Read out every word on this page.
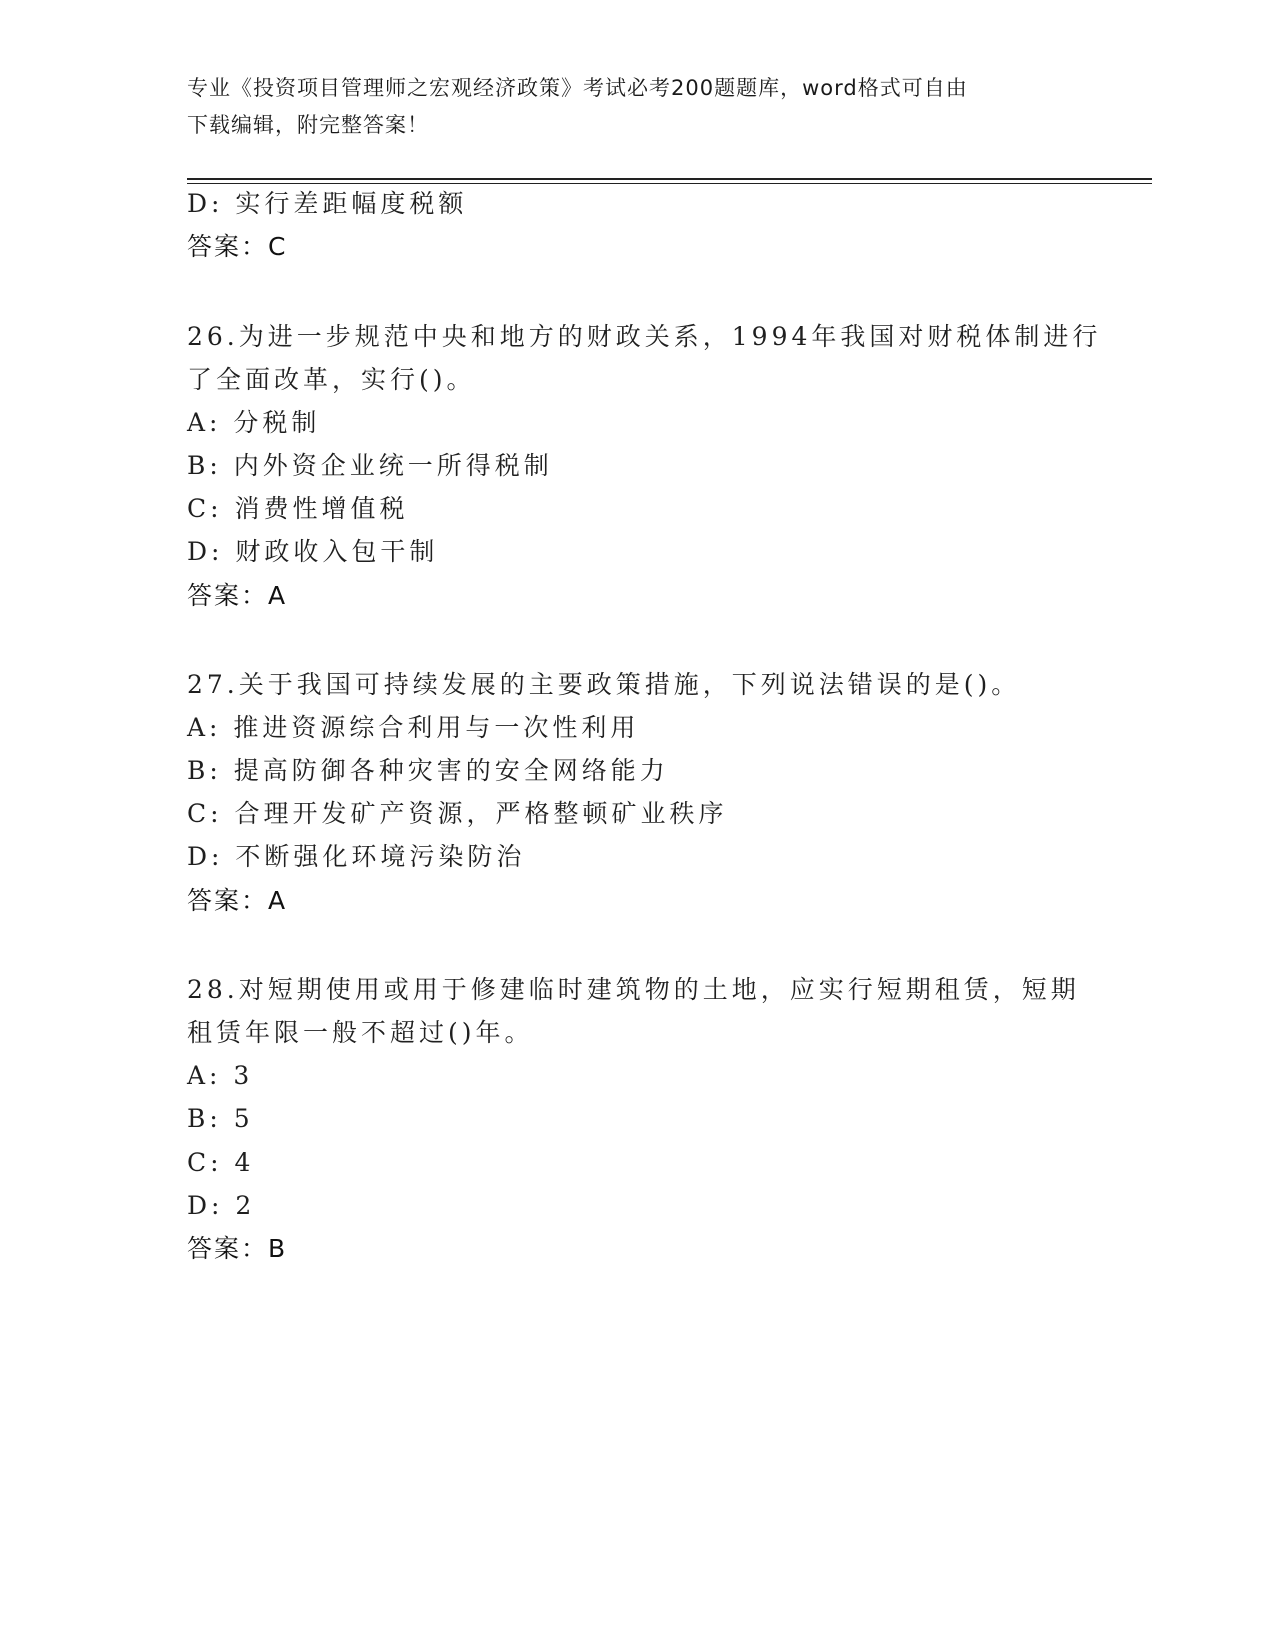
专业《投资项目管理师之宏观经济政策》考试必考200题题库，word格式可自由

下载编辑，附完整答案！

D: 实行差距幅度税额

答案：C

26.为进一步规范中央和地方的财政关系，1994年我国对财税体制进行

了全面改革，实行()。

A: 分税制

B: 内外资企业统一所得税制

C: 消费性增值税

D: 财政收入包干制

答案：A

27.关于我国可持续发展的主要政策措施，下列说法错误的是()。

A: 推进资源综合利用与一次性利用

B: 提高防御各种灾害的安全网络能力

C: 合理开发矿产资源，严格整顿矿业秩序

D: 不断强化环境污染防治

答案：A

28.对短期使用或用于修建临时建筑物的土地，应实行短期租赁，短期

租赁年限一般不超过()年。

A: 3

B: 5

C: 4

D: 2

答案：B
